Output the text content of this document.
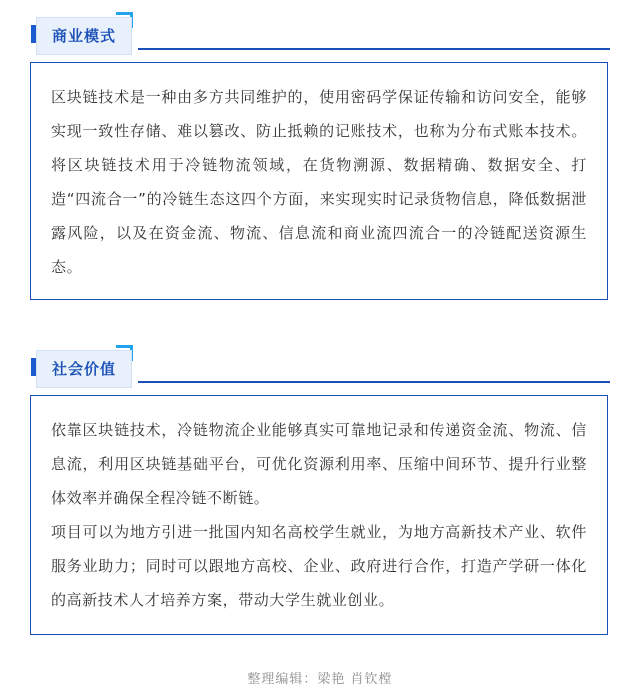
商业模式

区块链技术是一种由多方共同维护的，使用密码学保证传输和访问安全，能够实现一致性存储、难以篡改、防止抵赖的记账技术，也称为分布式账本技术。将区块链技术用于冷链物流领域，在货物溯源、数据精确、数据安全、打造“四流合一”的冷链生态这四个方面，来实现实时记录货物信息，降低数据泄露风险，以及在资金流、物流、信息流和商业流四流合一的冷链配送资源生态。

社会价值

依靠区块链技术，冷链物流企业能够真实可靠地记录和传递资金流、物流、信息流，利用区块链基础平台，可优化资源利用率、压缩中间环节、提升行业整体效率并确保全程冷链不断链。

项目可以为地方引进一批国内知名高校学生就业，为地方高新技术产业、软件服务业助力；同时可以跟地方高校、企业、政府进行合作，打造产学研一体化的高新技术人才培养方案，带动大学生就业创业。

整理编辑：梁艳 肖钦樘
